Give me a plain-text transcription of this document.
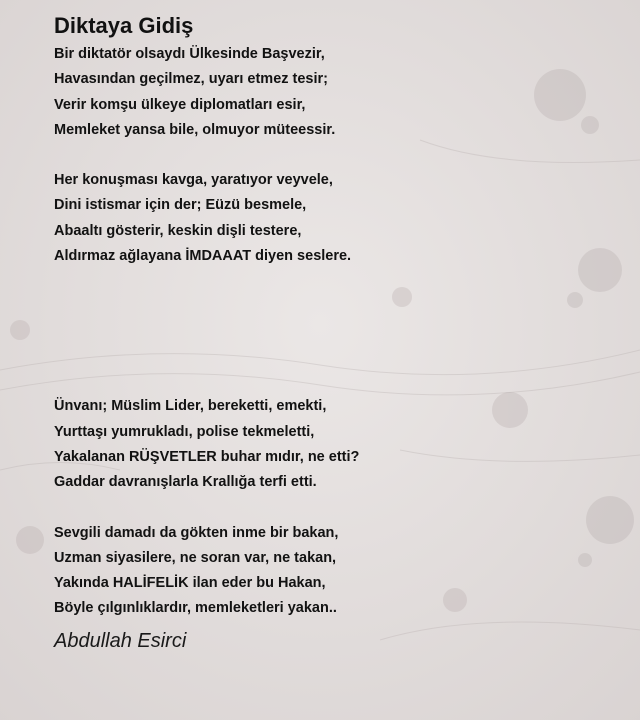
Diktaya Gidiş
Bir diktatör olsaydı Ülkesinde Başvezir,
Havasından geçilmez, uyarı etmez tesir;
Verir komşu ülkeye diplomatları esir,
Memleket yansa bile, olmuyor müteessir.
Her konuşması kavga, yaratıyor veyvele,
Dini istismar için der; Eüzü besmele,
Abaaltı gösterir, keskin dişli testere,
Aldırmaz ağlayana İMDAAAT diyen seslere.
Ünvanı; Müslim Lider, bereketti, emekti,
Yurttaşı yumrukladı, polise tekmeletti,
Yakalanan RÜŞVETLER buhar mıdır, ne etti?
Gaddar davranışlarla Krallığa terfi etti.
Sevgili damadı da gökten inme bir bakan,
Uzman siyasilere, ne soran var, ne takan,
Yakında HALİFELİK ilan eder bu Hakan,
Böyle çılgınlıklardır, memleketleri yakan..
Abdullah Esirci
